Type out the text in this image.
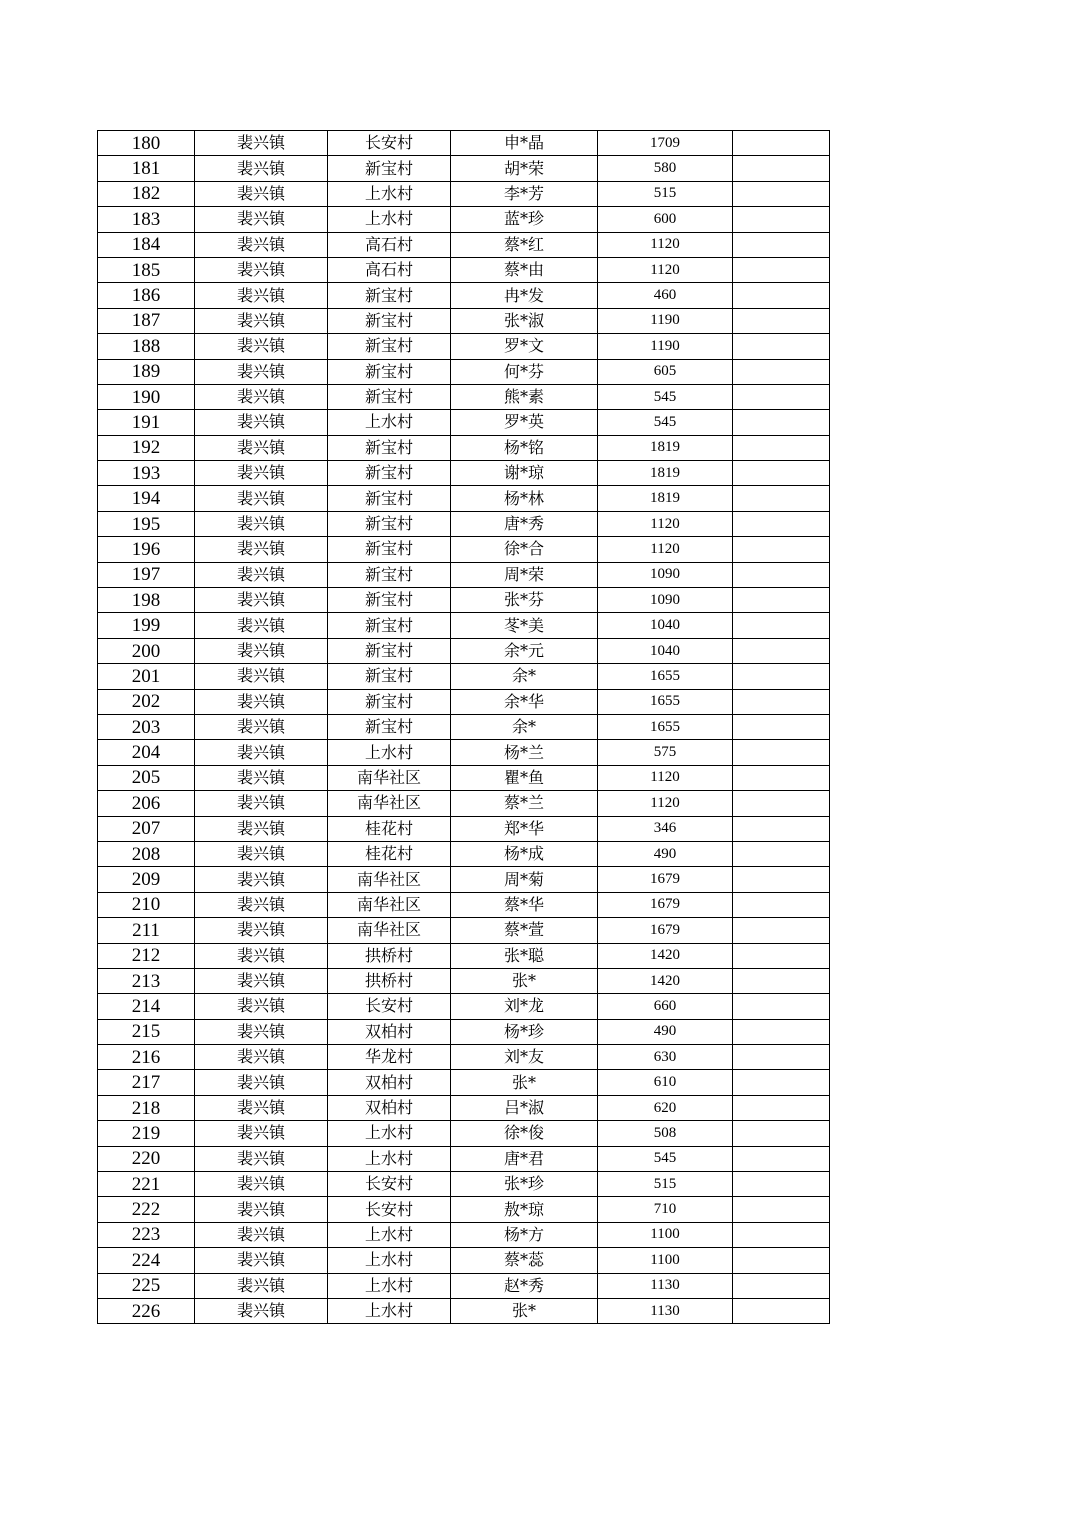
180	裴兴镇	长安村	申*晶	1709	
181	裴兴镇	新宝村	胡*荣	580	
182	裴兴镇	上水村	李*芳	515	
183	裴兴镇	上水村	蓝*珍	600	
184	裴兴镇	高石村	蔡*红	1120	
185	裴兴镇	高石村	蔡*由	1120	
186	裴兴镇	新宝村	冉*发	460	
187	裴兴镇	新宝村	张*淑	1190	
188	裴兴镇	新宝村	罗*文	1190	
189	裴兴镇	新宝村	何*芬	605	
190	裴兴镇	新宝村	熊*素	545	
191	裴兴镇	上水村	罗*英	545	
192	裴兴镇	新宝村	杨*铭	1819	
193	裴兴镇	新宝村	谢*琼	1819	
194	裴兴镇	新宝村	杨*林	1819	
195	裴兴镇	新宝村	唐*秀	1120	
196	裴兴镇	新宝村	徐*合	1120	
197	裴兴镇	新宝村	周*荣	1090	
198	裴兴镇	新宝村	张*芬	1090	
199	裴兴镇	新宝村	苳*美	1040	
200	裴兴镇	新宝村	余*元	1040	
201	裴兴镇	新宝村	余*	1655	
202	裴兴镇	新宝村	余*华	1655	
203	裴兴镇	新宝村	余*	1655	
204	裴兴镇	上水村	杨*兰	575	
205	裴兴镇	南华社区	瞿*鱼	1120	
206	裴兴镇	南华社区	蔡*兰	1120	
207	裴兴镇	桂花村	郑*华	346	
208	裴兴镇	桂花村	杨*成	490	
209	裴兴镇	南华社区	周*菊	1679	
210	裴兴镇	南华社区	蔡*华	1679	
211	裴兴镇	南华社区	蔡*萱	1679	
212	裴兴镇	拱桥村	张*聪	1420	
213	裴兴镇	拱桥村	张*	1420	
214	裴兴镇	长安村	刘*龙	660	
215	裴兴镇	双柏村	杨*珍	490	
216	裴兴镇	华龙村	刘*友	630	
217	裴兴镇	双柏村	张*	610	
218	裴兴镇	双柏村	吕*淑	620	
219	裴兴镇	上水村	徐*俊	508	
220	裴兴镇	上水村	唐*君	545	
221	裴兴镇	长安村	张*珍	515	
222	裴兴镇	长安村	敖*琼	710	
223	裴兴镇	上水村	杨*方	1100	
224	裴兴镇	上水村	蔡*蕊	1100	
225	裴兴镇	上水村	赵*秀	1130	
226	裴兴镇	上水村	张*	1130	
